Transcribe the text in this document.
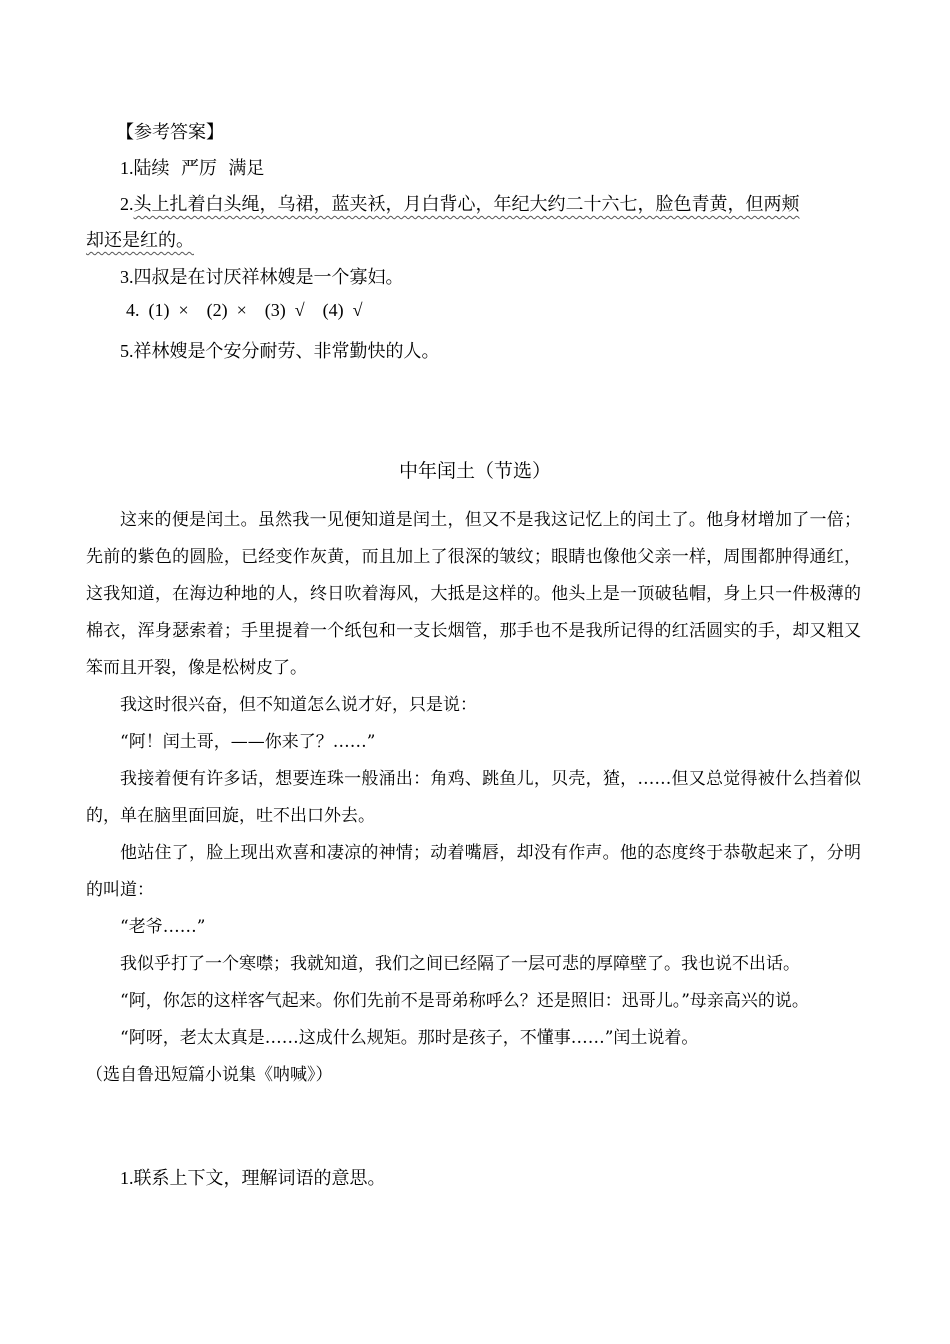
【参考答案】
1.陆续  严厉  满足
2.头上扎着白头绳，乌裙，蓝夹袄，月白背心，年纪大约二十六七，脸色青黄，但两颊
却还是红的。
3.四叔是在讨厌祥林嫂是一个寡妇。
4.  (1)  ×    (2)  ×    (3)  √    (4)  √
5.祥林嫂是个安分耐劳、非常勤快的人。
中年闰土（节选）

这来的便是闰土。虽然我一见便知道是闰土，但又不是我这记忆上的闰土了。他身材增加了一倍；先前的紫色的圆脸，已经变作灰黄，而且加上了很深的皱纹；眼睛也像他父亲一样，周围都肿得通红，这我知道，在海边种地的人，终日吹着海风，大抵是这样的。他头上是一顶破毡帽，身上只一件极薄的棉衣，浑身瑟索着；手里提着一个纸包和一支长烟管，那手也不是我所记得的红活圆实的手，却又粗又笨而且开裂，像是松树皮了。

我这时很兴奋，但不知道怎么说才好，只是说：

“阿！闰土哥，——你来了？……”

我接着便有许多话，想要连珠一般涌出：角鸡、跳鱼儿，贝壳，猹，……但又总觉得被什么挡着似的，单在脑里面回旋，吐不出口外去。

他站住了，脸上现出欢喜和凄凉的神情；动着嘴唇，却没有作声。他的态度终于恭敬起来了，分明的叫道：

“老爷……”

我似乎打了一个寒噤；我就知道，我们之间已经隔了一层可悲的厚障壁了。我也说不出话。

“阿，你怎的这样客气起来。你们先前不是哥弟称呼么？还是照旧：迅哥儿。”母亲高兴的说。

“阿呀，老太太真是……这成什么规矩。那时是孩子，不懂事……”闰土说着。

（选自鲁迅短篇小说集《呐喊》）

1.联系上下文，理解词语的意思。
